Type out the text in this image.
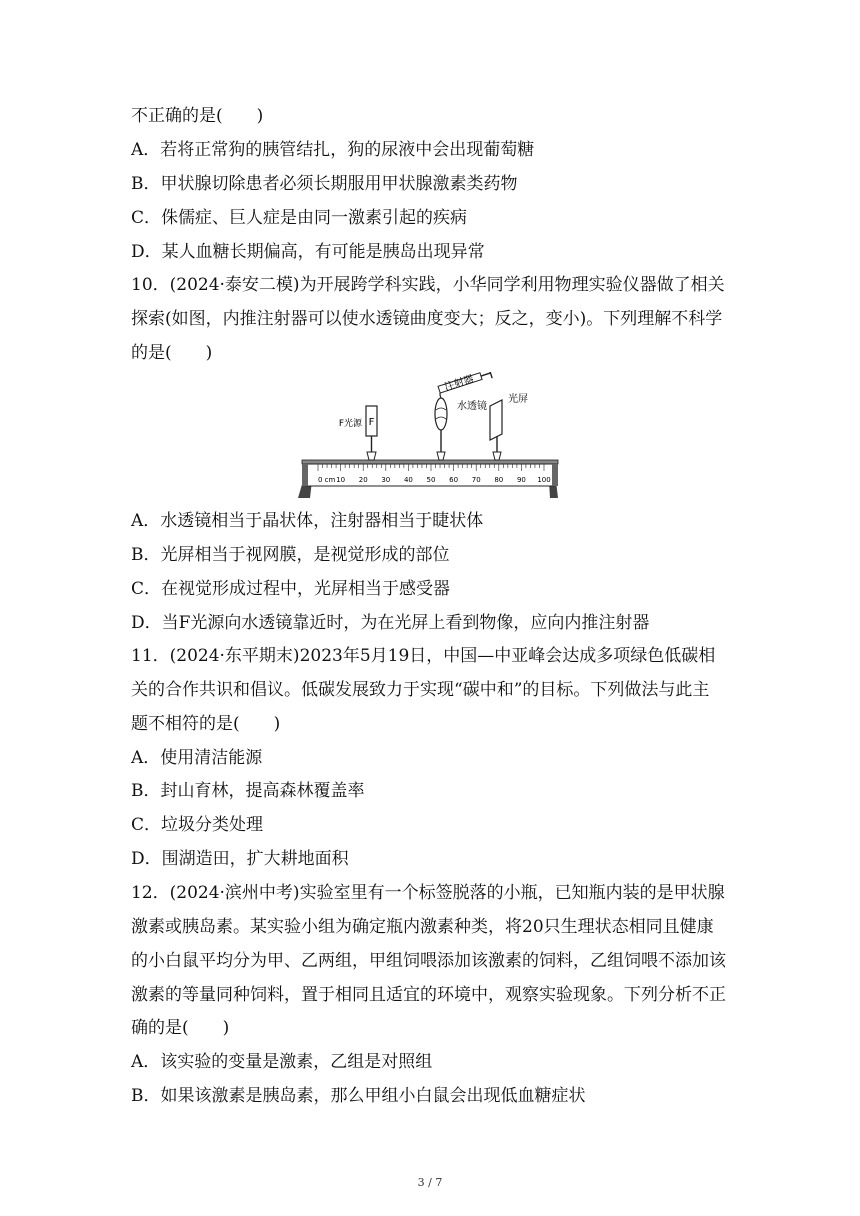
不正确的是(　　)
A．若将正常狗的胰管结扎，狗的尿液中会出现葡萄糖
B．甲状腺切除患者必须长期服用甲状腺激素类药物
C．侏儒症、巨人症是由同一激素引起的疾病
D．某人血糖长期偏高，有可能是胰岛出现异常
10．(2024·泰安二模)为开展跨学科实践，小华同学利用物理实验仪器做了相关
探索(如图，内推注射器可以使水透镜曲度变大；反之，变小)。下列理解不科学
的是(　　)
0 cm 10 20 30 40 50 60 70 80 90 100
F
F光源
注射器
水透镜
光屏
A．水透镜相当于晶状体，注射器相当于睫状体
B．光屏相当于视网膜，是视觉形成的部位
C．在视觉形成过程中，光屏相当于感受器
D．当F光源向水透镜靠近时，为在光屏上看到物像，应向内推注射器
11．(2024·东平期末)2023年5月19日，中国—中亚峰会达成多项绿色低碳相
关的合作共识和倡议。低碳发展致力于实现“碳中和”的目标。下列做法与此主
题不相符的是(　　)
A．使用清洁能源
B．封山育林，提高森林覆盖率
C．垃圾分类处理
D．围湖造田，扩大耕地面积
12．(2024·滨州中考)实验室里有一个标签脱落的小瓶，已知瓶内装的是甲状腺
激素或胰岛素。某实验小组为确定瓶内激素种类，将20只生理状态相同且健康
的小白鼠平均分为甲、乙两组，甲组饲喂添加该激素的饲料，乙组饲喂不添加该
激素的等量同种饲料，置于相同且适宜的环境中，观察实验现象。下列分析不正
确的是(　　)
A．该实验的变量是激素，乙组是对照组
B．如果该激素是胰岛素，那么甲组小白鼠会出现低血糖症状
3 / 7
